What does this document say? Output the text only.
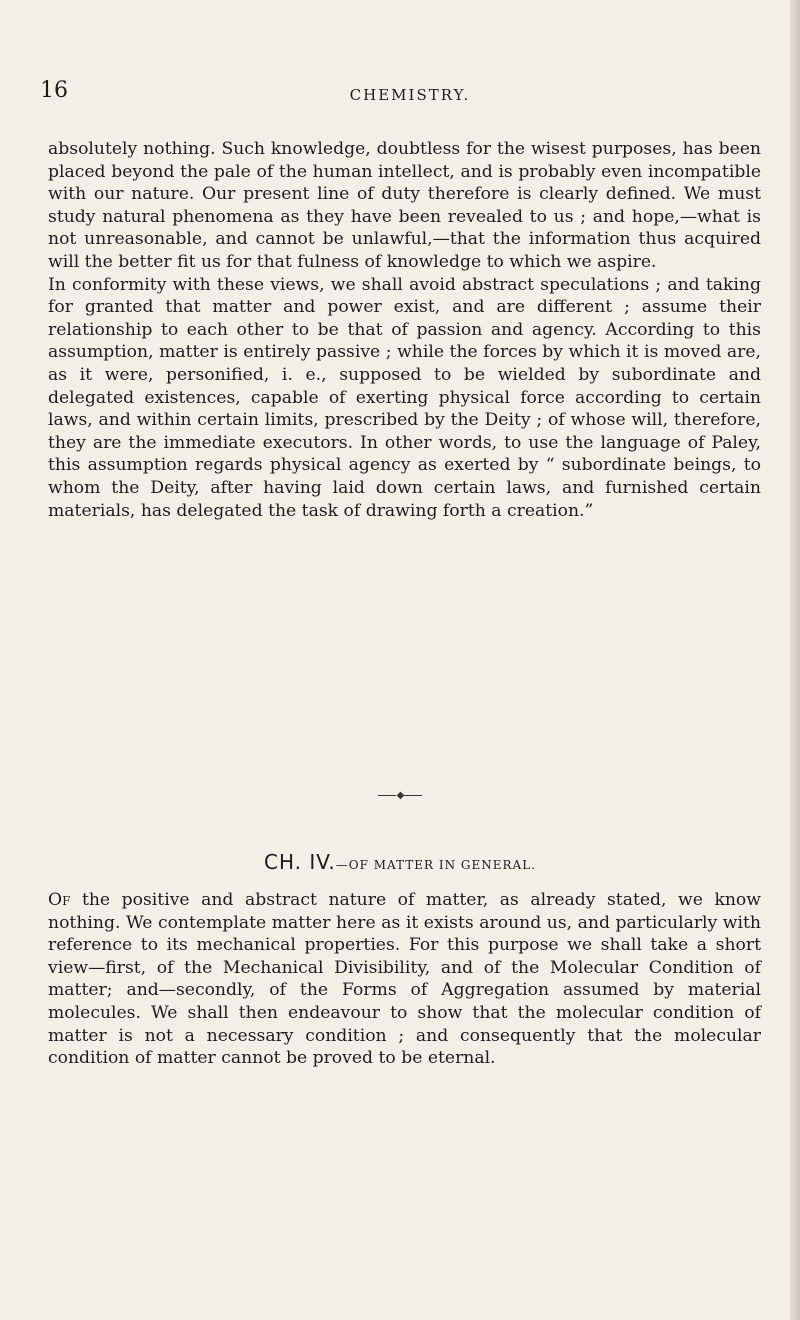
16	CHEMISTRY.

absolutely nothing. Such knowledge, doubtless for the wisest purposes, has been placed beyond the pale of the human intellect, and is probably even incompatible with our nature. Our present line of duty therefore is clearly defined. We must study natural phenomena as they have been revealed to us ; and hope,—what is not unreasonable, and cannot be unlawful,—that the information thus acquired will the better fit us for that fulness of knowledge to which we aspire.

In conformity with these views, we shall avoid abstract speculations ; and taking for granted that matter and power exist, and are different ; assume their relationship to each other to be that of passion and agency. According to this assumption, matter is entirely passive ; while the forces by which it is moved are, as it were, personified, i. e., supposed to be wielded by subordinate and delegated existences, capable of exerting physical force according to certain laws, and within certain limits, prescribed by the Deity ; of whose will, therefore, they are the immediate executors. In other words, to use the language of Paley, this assumption regards physical agency as exerted by “ subordinate beings, to whom the Deity, after having laid down certain laws, and furnished certain materials, has delegated the task of drawing forth a creation.”

◆
CH. IV.—OF MATTER IN GENERAL.

Of the positive and abstract nature of matter, as already stated, we know nothing. We contemplate matter here as it exists around us, and particularly with reference to its mechanical properties. For this purpose we shall take a short view—first, of the Mechanical Divisibility, and of the Molecular Condition of matter; and—secondly, of the Forms of Aggregation assumed by material molecules. We shall then endeavour to show that the molecular condition of matter is not a necessary condition ; and consequently that the molecular condition of matter cannot be proved to be eternal.
